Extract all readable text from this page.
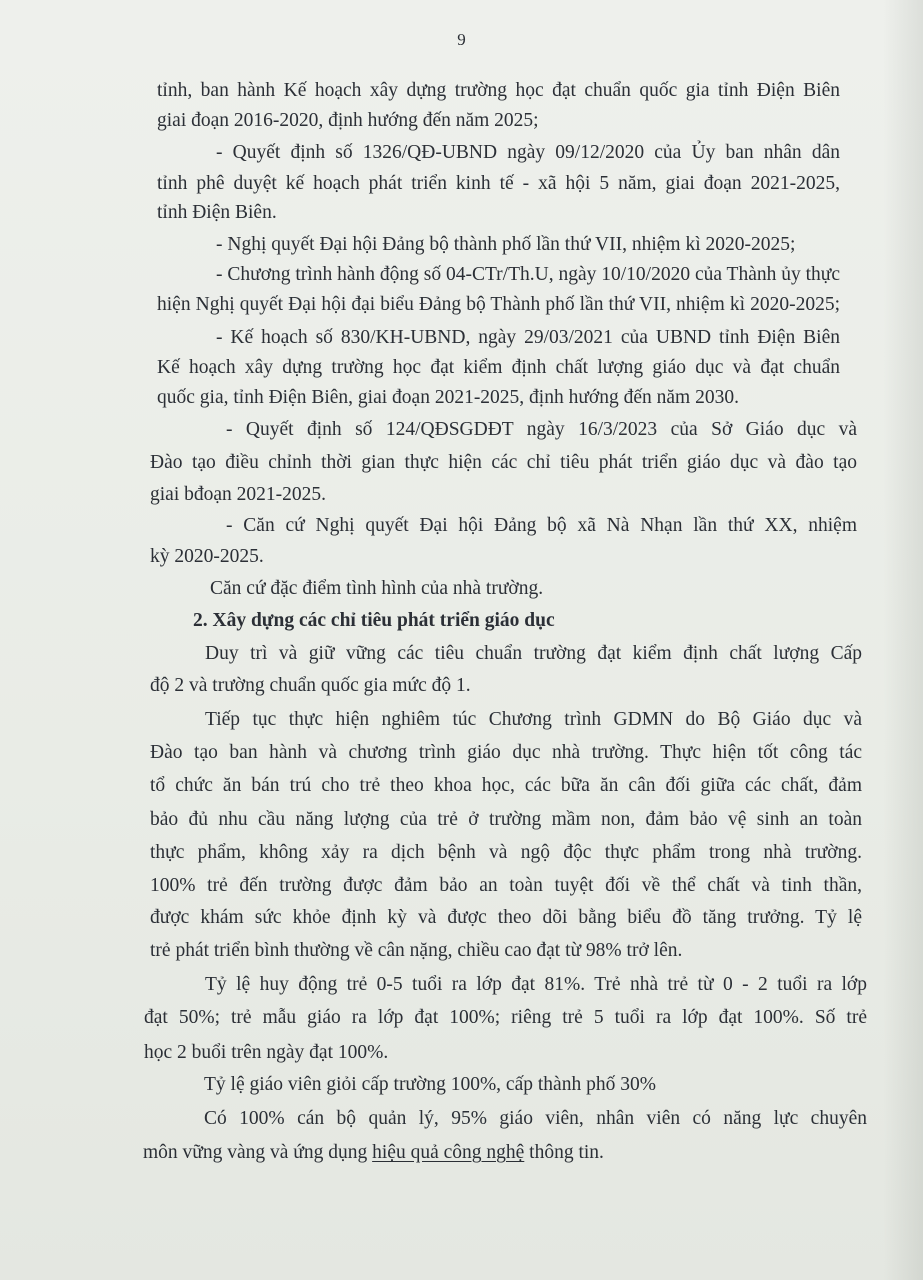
9
tỉnh, ban hành Kế hoạch xây dựng trường học đạt chuẩn quốc gia tỉnh Điện Biên
giai đoạn 2016-2020, định hướng đến năm 2025;
- Quyết định số 1326/QĐ-UBND ngày 09/12/2020 của Ủy ban nhân dân
tỉnh phê duyệt kế hoạch phát triển kinh tế - xã hội 5 năm, giai đoạn 2021-2025,
tỉnh Điện Biên.
- Nghị quyết Đại hội Đảng bộ thành phố lần thứ VII, nhiệm kì 2020-2025;
- Chương trình hành động số 04-CTr/Th.U, ngày 10/10/2020 của Thành ủy thực
hiện Nghị quyết Đại hội đại biểu Đảng bộ Thành phố lần thứ VII, nhiệm kì 2020-2025;
- Kế hoạch số 830/KH-UBND, ngày 29/03/2021 của UBND tỉnh Điện Biên
Kế hoạch xây dựng trường học đạt kiểm định chất lượng giáo dục và đạt chuẩn
quốc gia, tỉnh Điện Biên, giai đoạn 2021-2025, định hướng đến năm 2030.
- Quyết định số 124/QĐSGDĐT ngày 16/3/2023 của Sở Giáo dục và
Đào tạo điều chỉnh thời gian thực hiện các chỉ tiêu phát triển giáo dục và đào tạo
giai bđoạn 2021-2025.
- Căn cứ Nghị quyết Đại hội Đảng bộ xã Nà Nhạn lần thứ XX, nhiệm
kỳ 2020-2025.
Căn cứ đặc điểm tình hình của nhà trường.
2. Xây dựng các chỉ tiêu phát triển giáo dục
Duy trì và giữ vững các tiêu chuẩn trường đạt kiểm định chất lượng Cấp
độ 2 và trường chuẩn quốc gia mức độ 1.
Tiếp tục thực hiện nghiêm túc Chương trình GDMN do Bộ Giáo dục và
Đào tạo ban hành và chương trình giáo dục nhà trường. Thực hiện tốt công tác
tổ chức ăn bán trú cho trẻ theo khoa học, các bữa ăn cân đối giữa các chất, đảm
bảo đủ nhu cầu năng lượng của trẻ ở trường mầm non, đảm bảo vệ sinh an toàn
thực phẩm, không xảy ra dịch bệnh và ngộ độc thực phẩm trong nhà trường.
100% trẻ đến trường được đảm bảo an toàn tuyệt đối về thể chất và tinh thần,
được khám sức khỏe định kỳ và được theo dõi bằng biểu đồ tăng trưởng. Tỷ lệ
trẻ phát triển bình thường về cân nặng, chiều cao đạt từ 98% trở lên.
Tỷ lệ huy động trẻ 0-5 tuổi ra lớp đạt 81%. Trẻ nhà trẻ từ 0 - 2 tuổi ra lớp
đạt 50%; trẻ mẫu giáo ra lớp đạt 100%; riêng trẻ 5 tuổi ra lớp đạt 100%. Số trẻ
học 2 buổi trên ngày đạt 100%.
Tỷ lệ giáo viên giỏi cấp trường 100%, cấp thành phố 30%
Có 100% cán bộ quản lý, 95% giáo viên, nhân viên có năng lực chuyên
môn vững vàng và ứng dụng hiệu quả công nghệ thông tin.
